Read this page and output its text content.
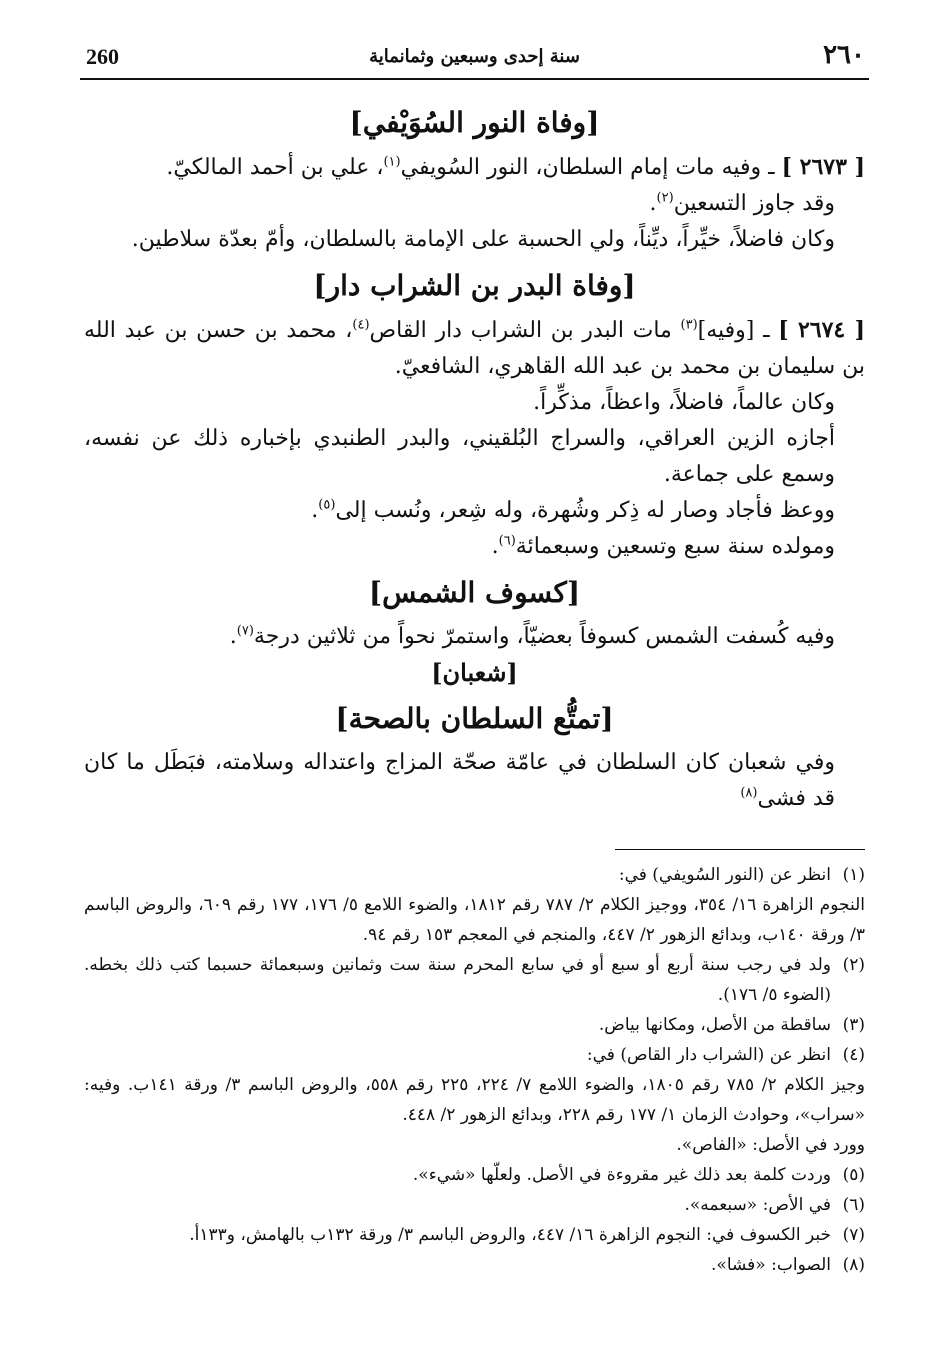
260	سنة إحدى وسبعين وثمانماية	٢٦٠
[وفاة النور السُوَيْفي]

[ ٢٦٧٣ ] ـ وفيه مات إمام السلطان، النور السُويفي$^{(١)}$، علي بن أحمد المالكيّ.

وقد جاوز التسعين$^{(٢)}$.

وكان فاضلاً، خيِّراً، ديِّناً، ولي الحسبة على الإمامة بالسلطان، وأمّ بعدّة سلاطين.

[وفاة البدر بن الشراب دار]

[ ٢٦٧٤ ] ـ [وفيه]$^{(٣)}$ مات البدر بن الشراب دار القاص$^{(٤)}$، محمد بن حسن بن عبد الله بن سليمان بن محمد بن عبد الله القاهري، الشافعيّ.

وكان عالماً، فاضلاً، واعظاً، مذكِّراً.

أجازه الزين العراقي، والسراج البُلقيني، والبدر الطنبدي بإخباره ذلك عن نفسه، وسمع على جماعة.

ووعظ فأجاد وصار له ذِكر وشُهرة، وله شِعر، ونُسب إلى$^{(٥)}$.

ومولده سنة سبع وتسعين وسبعمائة$^{(٦)}$.

[كسوف الشمس]

وفيه كُسفت الشمس كسوفاً بعضيّاً، واستمرّ نحواً من ثلاثين درجة$^{(٧)}$.

[شعبان]
[تمتُّع السلطان بالصحة]

وفي شعبان كان السلطان في عامّة صحّة المزاج واعتداله وسلامته، فبَطَل ما كان قد فشى$^{(٨)}$

(١)
انظر عن (النور السُويفي) في:
النجوم الزاهرة ١٦/ ٣٥٤، ووجيز الكلام ٢/ ٧٨٧ رقم ١٨١٢، والضوء اللامع ٥/ ١٧٦، ١٧٧ رقم ٦٠٩، والروض الباسم ٣/ ورقة ١٤٠ب، وبدائع الزهور ٢/ ٤٤٧، والمنجم في المعجم ١٥٣ رقم ٩٤.
(٢)
ولد في رجب سنة أربع أو سبع أو في سابع المحرم سنة ست وثمانين وسبعمائة حسبما كتب ذلك بخطه. (الضوء ٥/ ١٧٦).
(٣)
ساقطة من الأصل، ومكانها بياض.
(٤)
انظر عن (الشراب دار القاص) في:
وجيز الكلام ٢/ ٧٨٥ رقم ١٨٠٥، والضوء اللامع ٧/ ٢٢٤، ٢٢٥ رقم ٥٥٨، والروض الباسم ٣/ ورقة ١٤١ب. وفيه: «سراب»، وحوادث الزمان ١/ ١٧٧ رقم ٢٢٨، وبدائع الزهور ٢/ ٤٤٨.
وورد في الأصل: «الفاص».
(٥)
وردت كلمة بعد ذلك غير مقروءة في الأصل. ولعلّها «شيء».
(٦)
في الأص: «سبعمه».
(٧)
خبر الكسوف في: النجوم الزاهرة ١٦/ ٤٤٧، والروض الباسم ٣/ ورقة ١٣٢ب بالهامش، و١٣٣أ.
(٨)
الصواب: «فشا».
